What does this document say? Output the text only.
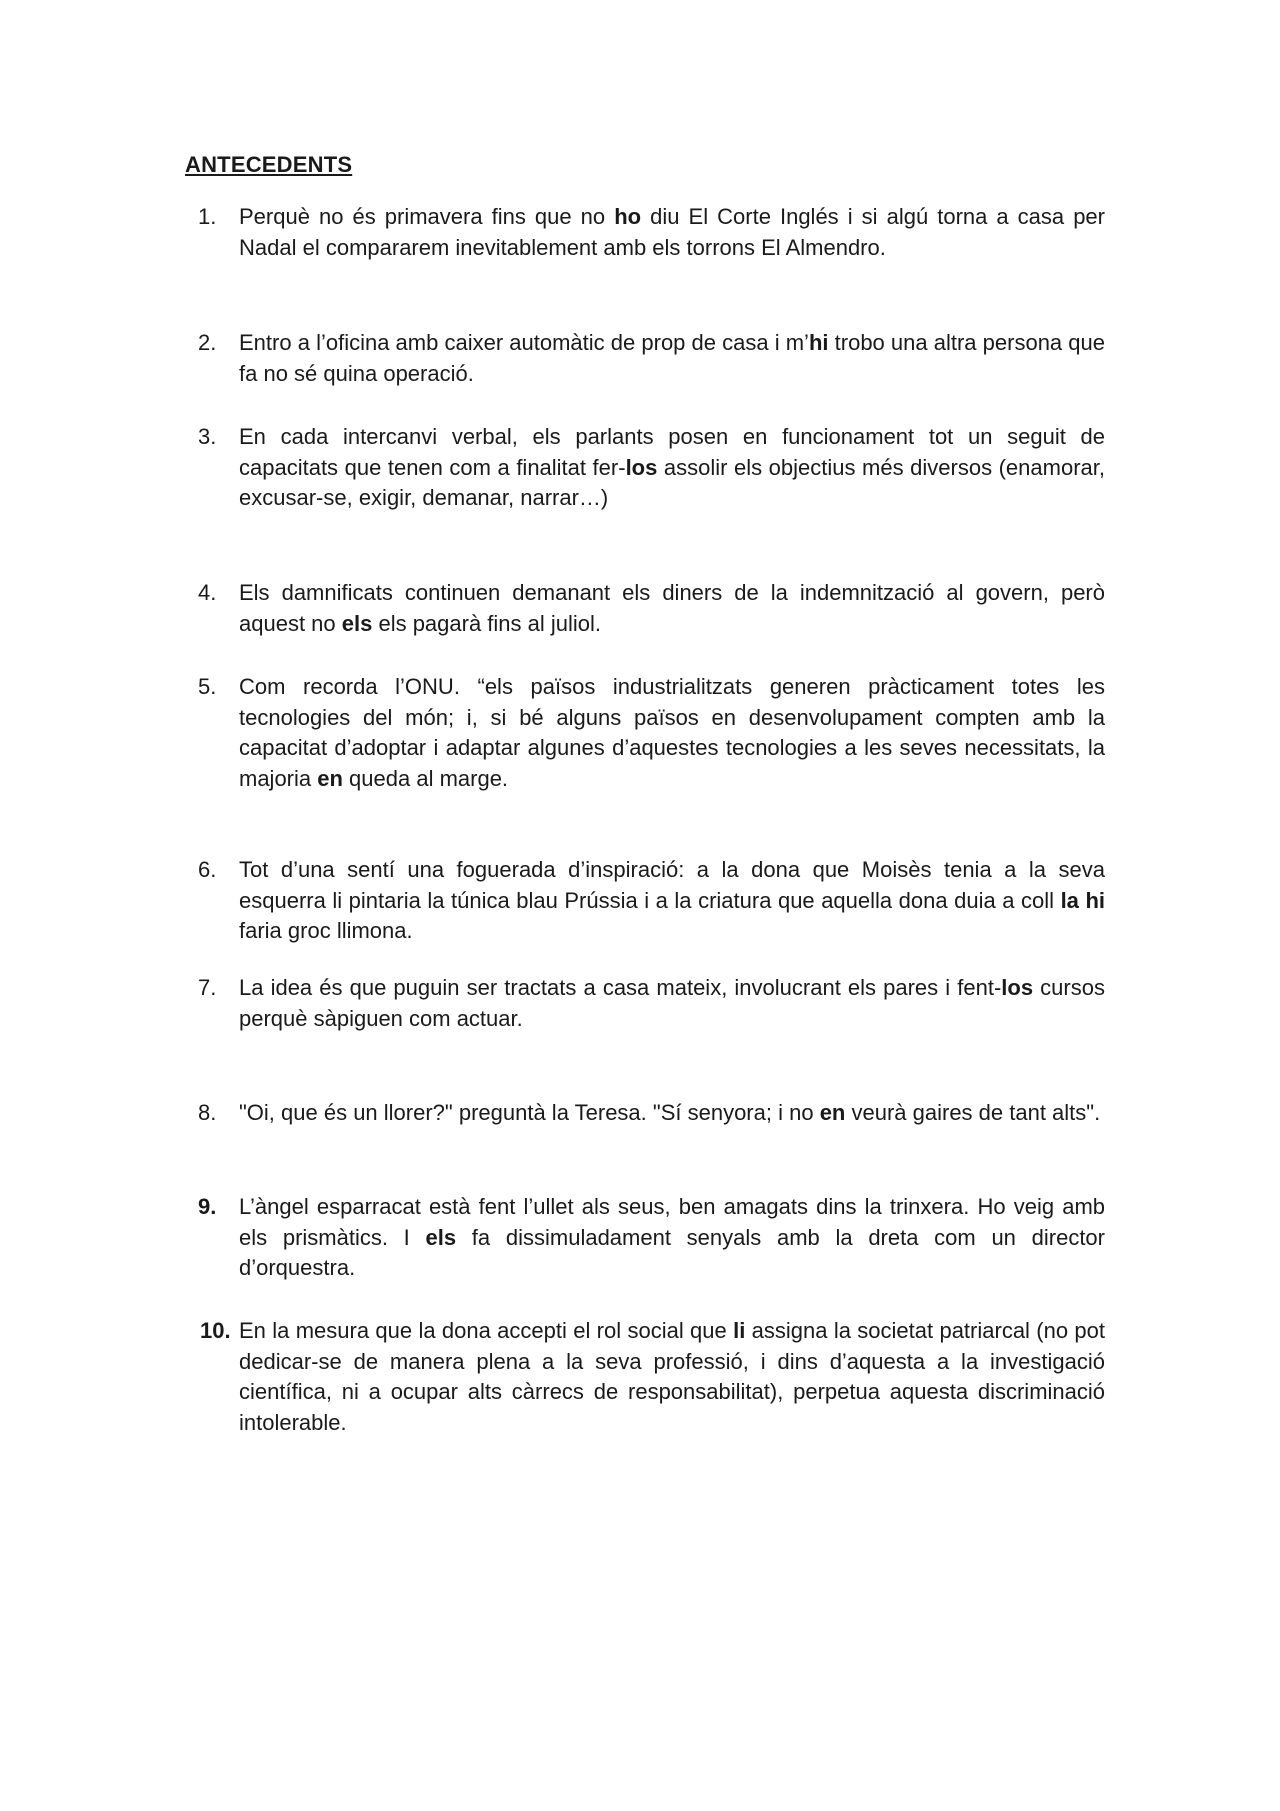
ANTECEDENTS
1. Perquè no és primavera fins que no ho diu El Corte Inglés i si algú torna a casa per Nadal el compararem inevitablement amb els torrons El Almendro.
2. Entro a l’oficina amb caixer automàtic de prop de casa i m’hi trobo una altra persona que fa no sé quina operació.
3. En cada intercanvi verbal, els parlants posen en funcionament tot un seguit de capacitats que tenen com a finalitat fer-los assolir els objectius més diversos (enamorar, excusar-se, exigir, demanar, narrar…)
4. Els damnificats continuen demanant els diners de la indemnització al govern, però aquest no els els pagarà fins al juliol.
5. Com recorda l’ONU. “els països industrialitzats generen pràcticament totes les tecnologies del món; i, si bé alguns països en desenvolupament compten amb la capacitat d’adoptar i adaptar algunes d’aquestes tecnologies a les seves necessitats, la majoria en queda al marge.
6. Tot d’una sentí una foguerada d’inspiració: a la dona que Moisès tenia a la seva esquerra li pintaria la túnica blau Prússia i a la criatura que aquella dona duia a coll la hi faria groc llimona.
7. La idea és que puguin ser tractats a casa mateix, involucrant els pares i fent-los cursos perquè sàpiguen com actuar.
8. "Oi, que és un llorer?" preguntà la Teresa. "Sí senyora; i no en veurà gaires de tant alts".
9. L’àngel esparracat està fent l’ullet als seus, ben amagats dins la trinxera. Ho veig amb els prismàtics. I els fa dissimuladament senyals amb la dreta com un director d’orquestra.
10. En la mesura que la dona accepti el rol social que li assigna la societat patriarcal (no pot dedicar-se de manera plena a la seva professió, i dins d’aquesta a la investigació científica, ni a ocupar alts càrrecs de responsabilitat), perpetua aquesta discriminació intolerable.
